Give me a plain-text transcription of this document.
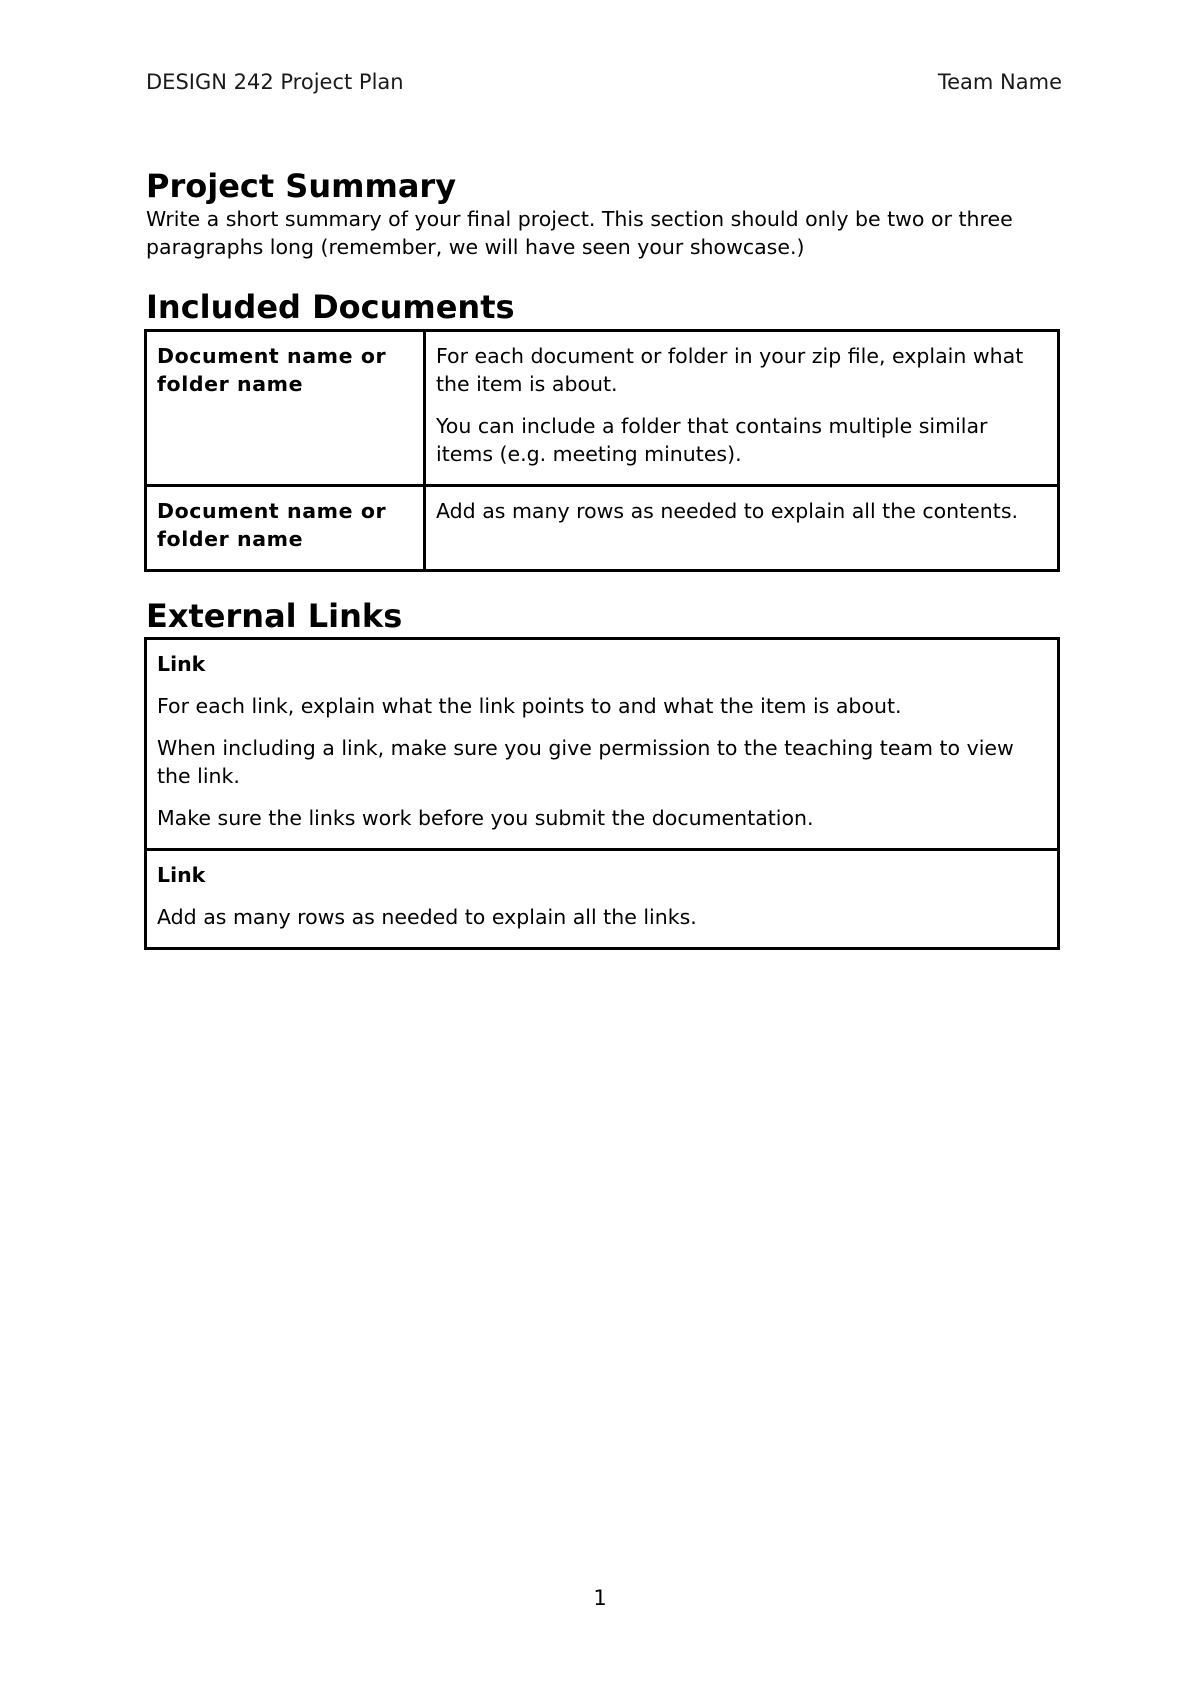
DESIGN 242 Project Plan	Team Name
Project Summary

Write a short summary of your final project. This section should only be two or three paragraphs long (remember, we will have seen your showcase.)

Included Documents
Document name or folder name	For each document or folder in your zip file, explain what the item is about.

You can include a folder that contains multiple similar items (e.g. meeting minutes).

Document name or folder name	Add as many rows as needed to explain all the contents.

External Links

Link

For each link, explain what the link points to and what the item is about.

When including a link, make sure you give permission to the teaching team to view the link.

Make sure the links work before you submit the documentation.

Link

Add as many rows as needed to explain all the links.

1
